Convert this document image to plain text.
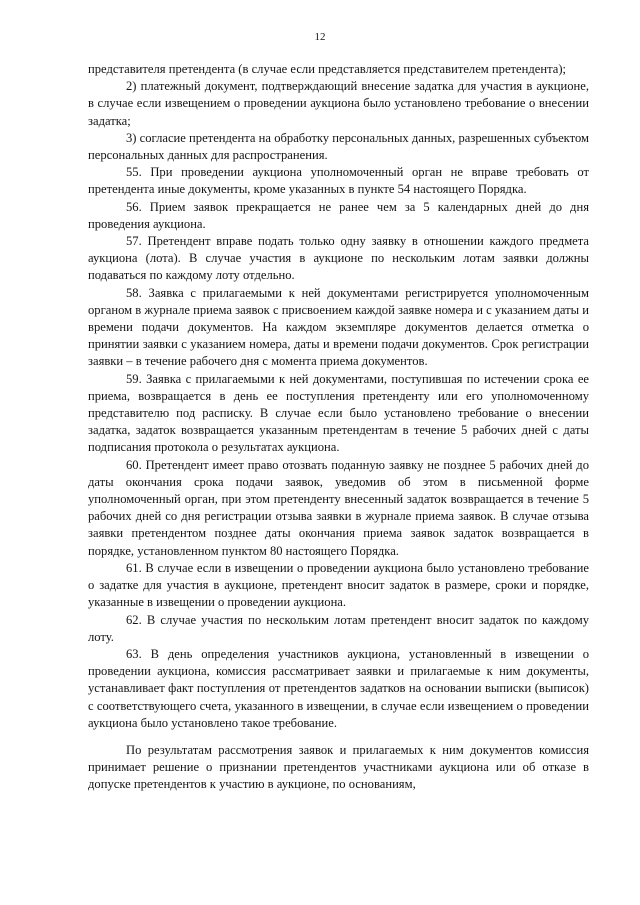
12

представителя претендента (в случае если представляется представителем претендента);

2) платежный документ, подтверждающий внесение задатка для участия в аукционе, в случае если извещением о проведении аукциона было установлено требование о внесении задатка;

3) согласие претендента на обработку персональных данных, разрешенных субъектом персональных данных для распространения.

55. При проведении аукциона уполномоченный орган не вправе требовать от претендента иные документы, кроме указанных в пункте 54 настоящего Порядка.

56. Прием заявок прекращается не ранее чем за 5 календарных дней до дня проведения аукциона.

57. Претендент вправе подать только одну заявку в отношении каждого предмета аукциона (лота). В случае участия в аукционе по нескольким лотам заявки должны подаваться по каждому лоту отдельно.

58. Заявка с прилагаемыми к ней документами регистрируется уполномоченным органом в журнале приема заявок с присвоением каждой заявке номера и с указанием даты и времени подачи документов. На каждом экземпляре документов делается отметка о принятии заявки с указанием номера, даты и времени подачи документов. Срок регистрации заявки – в течение рабочего дня с момента приема документов.

59. Заявка с прилагаемыми к ней документами, поступившая по истечении срока ее приема, возвращается в день ее поступления претенденту или его уполномоченному представителю под расписку. В случае если было установлено требование о внесении задатка, задаток возвращается указанным претендентам в течение 5 рабочих дней с даты подписания протокола о результатах аукциона.

60. Претендент имеет право отозвать поданную заявку не позднее 5 рабочих дней до даты окончания срока подачи заявок, уведомив об этом в письменной форме уполномоченный орган, при этом претенденту внесенный задаток возвращается в течение 5 рабочих дней со дня регистрации отзыва заявки в журнале приема заявок. В случае отзыва заявки претендентом позднее даты окончания приема заявок задаток возвращается в порядке, установленном пунктом 80 настоящего Порядка.

61. В случае если в извещении о проведении аукциона было установлено требование о задатке для участия в аукционе, претендент вносит задаток в размере, сроки и порядке, указанные в извещении о проведении аукциона.

62. В случае участия по нескольким лотам претендент вносит задаток по каждому лоту.

63. В день определения участников аукциона, установленный в извещении о проведении аукциона, комиссия рассматривает заявки и прилагаемые к ним документы, устанавливает факт поступления от претендентов задатков на основании выписки (выписок) с соответствующего счета, указанного в извещении, в случае если извещением о проведении аукциона было установлено такое требование.

По результатам рассмотрения заявок и прилагаемых к ним документов комиссия принимает решение о признании претендентов участниками аукциона или об отказе в допуске претендентов к участию в аукционе, по основаниям,
